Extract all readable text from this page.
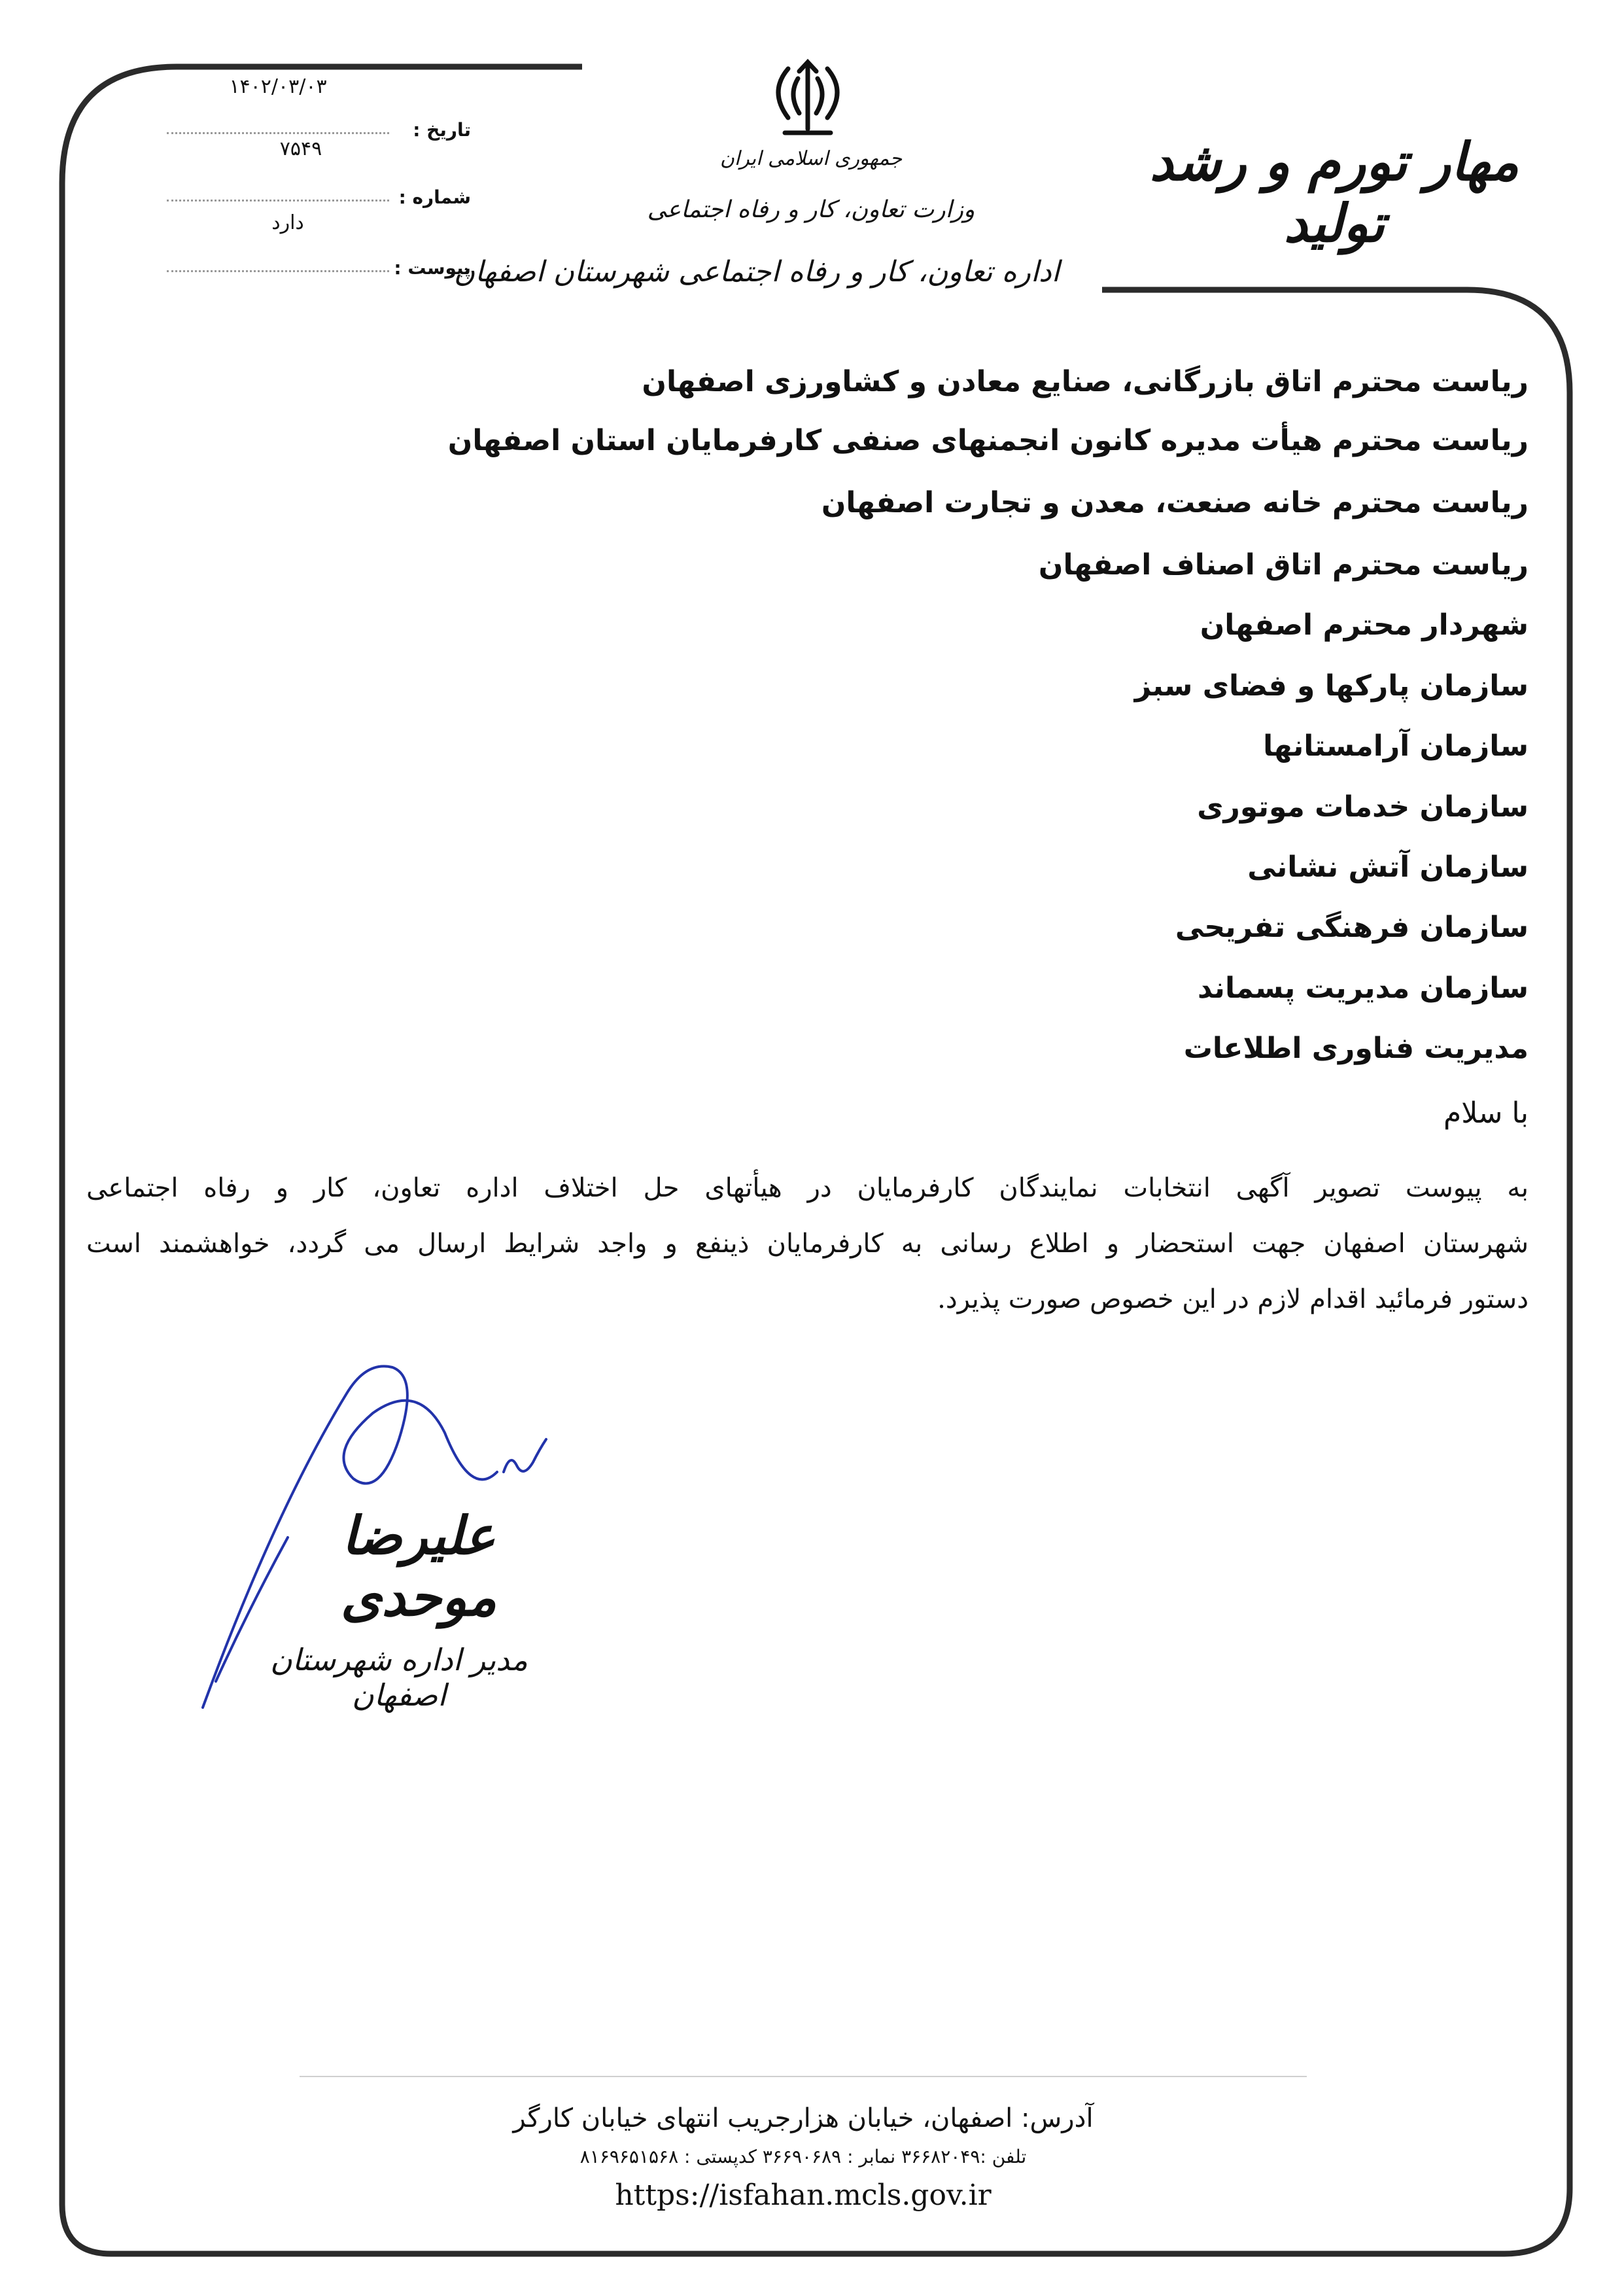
جمهوری اسلامی ایران
وزارت تعاون، کار و رفاه اجتماعی
اداره تعاون، کار و رفاه اجتماعی شهرستان اصفهان
مهار تورم و رشد تولید
۱۴۰۲/۰۳/۰۳
تاریخ :
۷۵۴۹
شماره :
دارد
پیوست :
ریاست محترم اتاق بازرگانی، صنایع معادن و کشاورزی اصفهان
ریاست محترم هیأت مدیره کانون انجمنهای صنفی کارفرمایان استان اصفهان
ریاست محترم خانه صنعت، معدن و تجارت اصفهان
ریاست محترم اتاق اصناف اصفهان
شهردار محترم اصفهان
سازمان پارکها و فضای سبز
سازمان آرامستانها
سازمان خدمات موتوری
سازمان آتش نشانی
سازمان فرهنگی تفریحی
سازمان مدیریت پسماند
مدیریت فناوری اطلاعات
با سلام
به پیوست تصویر آگهی انتخابات نمایندگان کارفرمایان در هیأتهای حل اختلاف اداره تعاون، کار و رفاه اجتماعی
شهرستان اصفهان جهت استحضار و اطلاع رسانی به کارفرمایان ذینفع و واجد شرایط ارسال می گردد، خواهشمند است
دستور فرمائید اقدام لازم در این خصوص صورت پذیرد.
علیرضا موحدی
مدیر اداره شهرستان اصفهان
آدرس: اصفهان، خیابان هزارجریب انتهای خیابان کارگر
تلفن :۳۶۶۸۲۰۴۹ نمابر : ۳۶۶۹۰۶۸۹ کدپستی : ۸۱۶۹۶۵۱۵۶۸
https://isfahan.mcls.gov.ir
